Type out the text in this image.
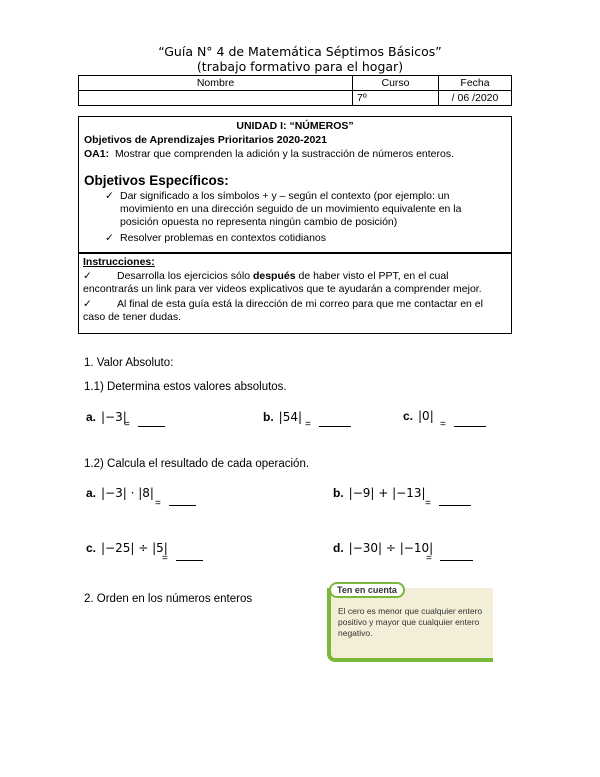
“Guía N° 4 de Matemática Séptimos Básicos”
(trabajo formativo para el hogar)
Nombre	Curso	Fecha
	7º	/ 06 /2020
UNIDAD I: “NÚMEROS”
Objetivos de Aprendizajes Prioritarios 2020-2021
OA1: Mostrar que comprenden la adición y la sustracción de números enteros.
Objetivos Específicos:
✓ Dar significado a los símbolos + y – según el contexto (por ejemplo: un movimiento en una dirección seguido de un movimiento equivalente en la posición opuesta no representa ningún cambio de posición)
✓ Resolver problemas en contextos cotidianos
Instrucciones:
✓ Desarrolla los ejercicios sólo después de haber visto el PPT, en el cual encontrarás un link para ver videos explicativos que te ayudarán a comprender mejor.
✓ Al final de esta guía está la dirección de mi correo para que me contactar en el caso de tener dudas.
1. Valor Absoluto:
1.1) Determina estos valores absolutos.
a. |−3|
=
b. |54|
=
c. |0|
=
1.2) Calcula el resultado de cada operación.
a. |−3| · |8|
=
b. |−9| + |−13|
=
c. |−25| ÷ |5|
=
d. |−30| ÷ |−10|
=
2. Orden en los números enteros
Ten en cuenta
El cero es menor que cualquier entero positivo y mayor que cualquier entero negativo.
